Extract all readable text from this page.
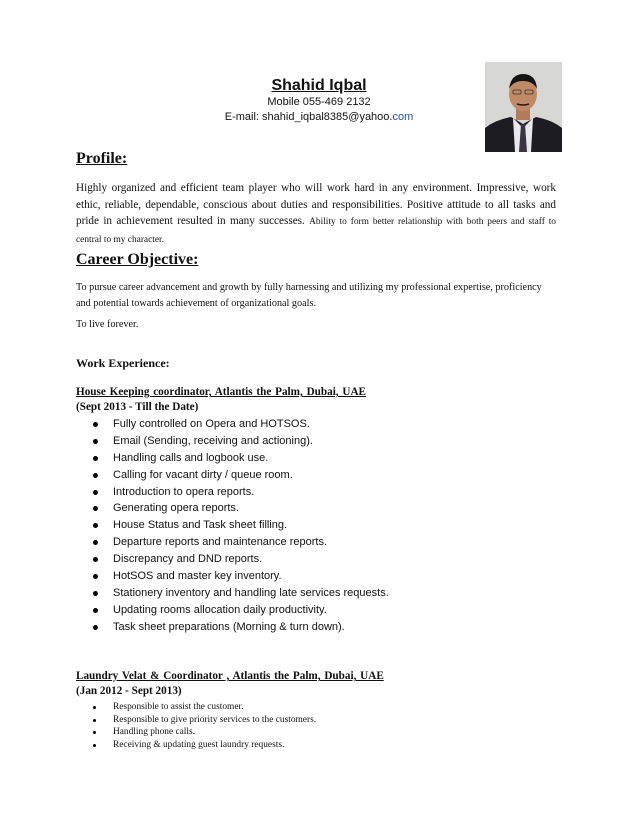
Shahid Iqbal
Mobile 055-469 2132
E-mail: shahid_iqbal8385@yahoo.com
Profile:
Highly organized and efficient team player who will work hard in any environment. Impressive, work ethic, reliable, dependable, conscious about duties and responsibilities. Positive attitude to all tasks and pride in achievement resulted in many successes. Ability to form better relationship with both peers and staff to central to my character.
Career Objective:
To pursue career advancement and growth by fully harnessing and utilizing my professional expertise, proficiency and potential towards achievement of organizational goals.
To live forever.
Work Experience:
House Keeping coordinator, Atlantis the Palm, Dubai, UAE
(Sept 2013 - Till the Date)
Fully controlled on Opera and HOTSOS.
Email (Sending, receiving and actioning).
Handling calls and logbook use.
Calling for vacant dirty / queue room.
Introduction to opera reports.
Generating opera reports.
House Status and Task sheet filling.
Departure reports and maintenance reports.
Discrepancy and DND reports.
HotSOS and master key inventory.
Stationery inventory and handling late services requests.
Updating rooms allocation daily productivity.
Task sheet preparations (Morning & turn down).
Laundry Velat & Coordinator , Atlantis the Palm, Dubai, UAE
(Jan 2012 - Sept 2013)
Responsible to assist the customer.
Responsible to give priority services to the customers.
Handling phone calls.
Receiving & updating guest laundry requests.
